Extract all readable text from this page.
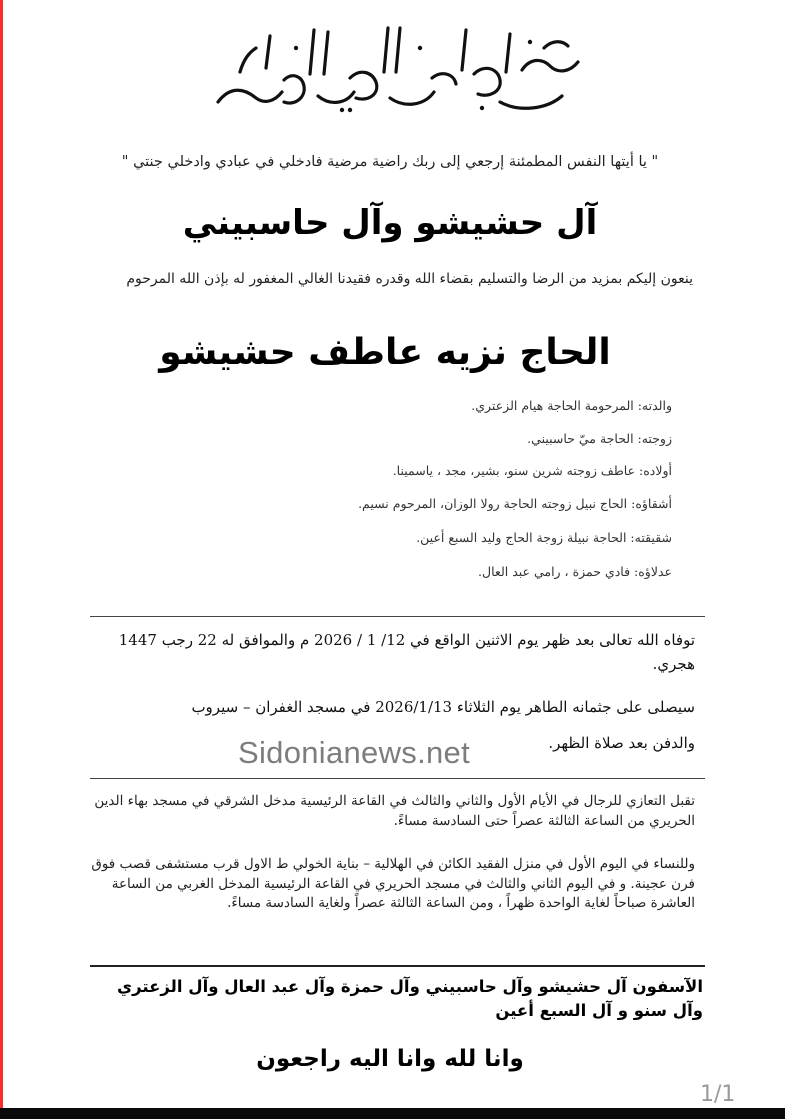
" يا أيتها النفس المطمئنة إرجعي إلى ربك راضية مرضية فادخلي في عبادي وادخلي جنتي "
آل حشيشو وآل حاسبيني
ينعون إليكم بمزيد من الرضا والتسليم بقضاء الله وقدره فقيدنا الغالي المغفور له بإذن الله المرحوم
الحاج نزيه عاطف حشيشو
والدته: المرحومة الحاجة هيام الزعتري.
زوجته: الحاجة ميّ حاسبيني.
أولاده: عاطف زوجته شرين سنو، بشير، مجد ، ياسمينا.
أشقاؤه: الحاج نبيل زوجته الحاجة رولا الوزان، المرحوم نسيم.
شقيقته: الحاجة نبيلة زوجة الحاج وليد السبع أعين.
عدلاؤه: فادي حمزة ، رامي عبد العال.
توفاه الله تعالى بعد ظهر يوم الاثنين الواقع في 12/ 1 / 2026 م والموافق له 22 رجب 1447 هجري.
سيصلى على جثمانه الطاهر يوم الثلاثاء 2026/1/13 في مسجد الغفران – سيروب
والدفن بعد صلاة الظهر.
Sidonianews.net
تقبل التعازي للرجال في الأيام الأول والثاني والثالث في القاعة الرئيسية مدخل الشرقي في مسجد بهاء الدين الحريري من الساعة الثالثة عصراً حتى السادسة مساءً.
وللنساء في اليوم الأول في منزل الفقيد الكائن في الهلالية – بناية الخولي ط الاول قرب مستشفى قصب فوق فرن عجينة. و في اليوم الثاني والثالث في مسجد الحريري في القاعة الرئيسية المدخل الغربي من الساعة العاشرة صباحاً لغاية الواحدة ظهراً ، ومن الساعة الثالثة عصراً ولغاية السادسة مساءً.
الآسفون آل حشيشو وآل حاسبيني وآل حمزة وآل عبد العال وآل الزعتري وآل سنو و آل السبع أعين
وانا لله وانا اليه راجعون
1/1
